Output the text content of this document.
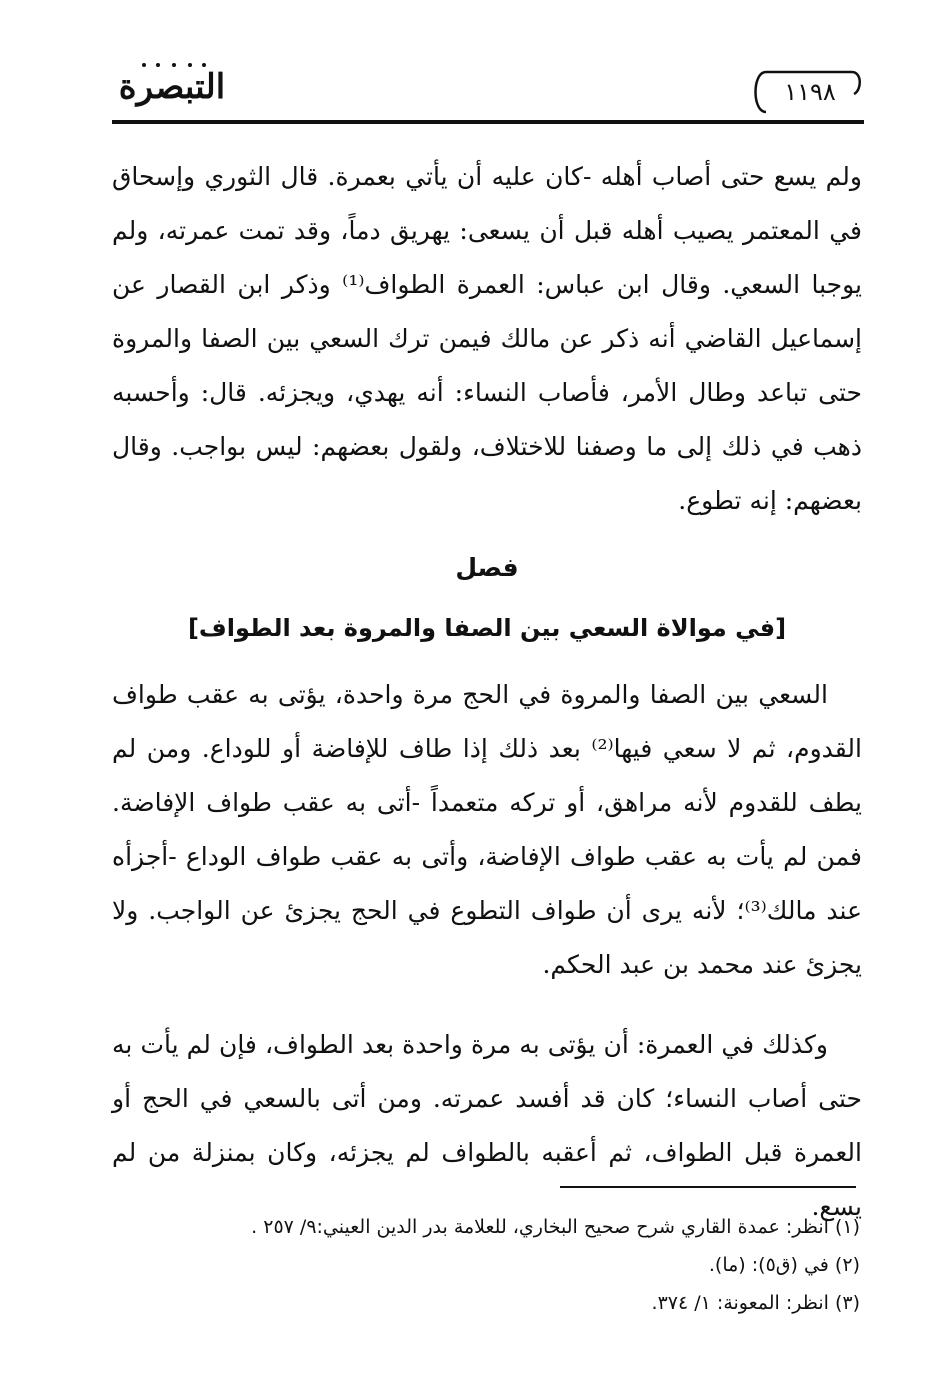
التبصرة	١١٩٨
ولم يسع حتى أصاب أهله -كان عليه أن يأتي بعمرة. قال الثوري وإسحاق في المعتمر يصيب أهله قبل أن يسعى: يهريق دماً، وقد تمت عمرته، ولم يوجبا السعي. وقال ابن عباس: العمرة الطواف⁽¹⁾ وذكر ابن القصار عن إسماعيل القاضي أنه ذكر عن مالك فيمن ترك السعي بين الصفا والمروة حتى تباعد وطال الأمر، فأصاب النساء: أنه يهدي، ويجزئه. قال: وأحسبه ذهب في ذلك إلى ما وصفنا للاختلاف، ولقول بعضهم: ليس بواجب. وقال بعضهم: إنه تطوع.
فصل
[في موالاة السعي بين الصفا والمروة بعد الطواف]
السعي بين الصفا والمروة في الحج مرة واحدة، يؤتى به عقب طواف القدوم، ثم لا سعي فيها⁽²⁾ بعد ذلك إذا طاف للإفاضة أو للوداع. ومن لم يطف للقدوم لأنه مراهق، أو تركه متعمداً -أتى به عقب طواف الإفاضة. فمن لم يأت به عقب طواف الإفاضة، وأتى به عقب طواف الوداع -أجزأه عند مالك⁽³⁾؛ لأنه يرى أن طواف التطوع في الحج يجزئ عن الواجب. ولا يجزئ عند محمد بن عبد الحكم.
وكذلك في العمرة: أن يؤتى به مرة واحدة بعد الطواف، فإن لم يأت به حتى أصاب النساء؛ كان قد أفسد عمرته. ومن أتى بالسعي في الحج أو العمرة قبل الطواف، ثم أعقبه بالطواف لم يجزئه، وكان بمنزلة من لم يسع.
(١) انظر: عمدة القاري شرح صحيح البخاري، للعلامة بدر الدين العيني:٩/ ٢٥٧ .
(٢) في (ق٥): (ما).
(٣) انظر: المعونة: ١/ ٣٧٤.
